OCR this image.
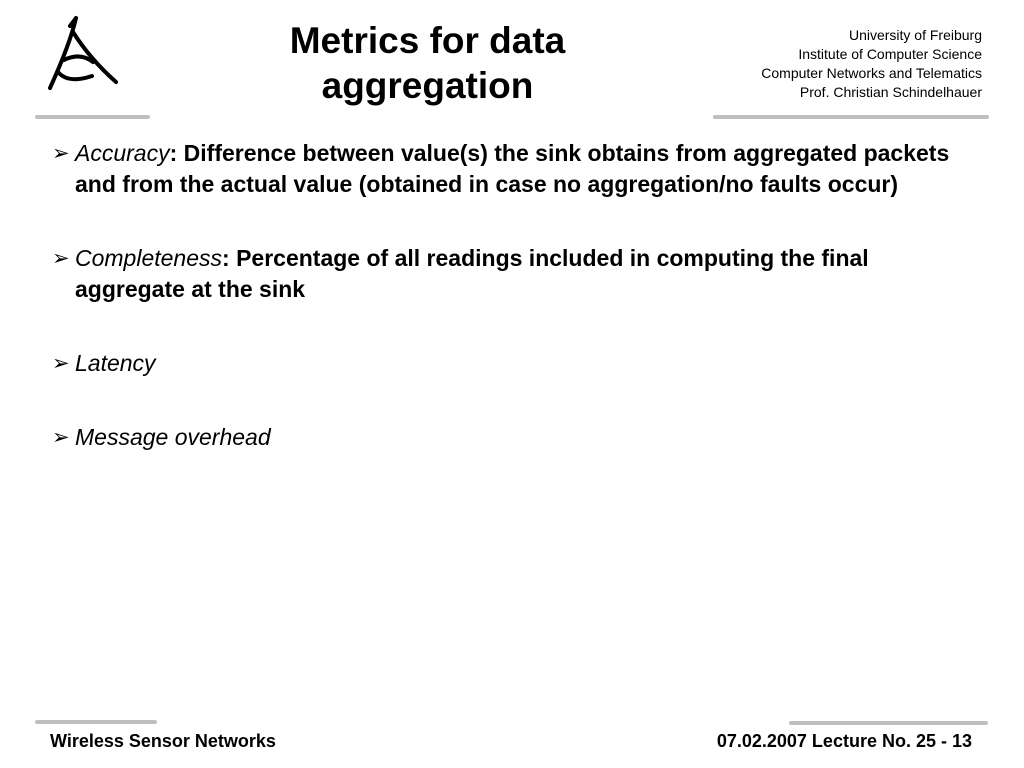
Metrics for data
aggregation
University of Freiburg
Institute of Computer Science
Computer Networks and Telematics
Prof. Christian Schindelhauer
➢ Accuracy: Difference between value(s) the sink obtains from aggregated packets and from the actual value (obtained in case no aggregation/no faults occur)
➢ Completeness: Percentage of all readings included in computing the final aggregate at the sink
➢ Latency
➢ Message overhead
Wireless Sensor Networks	07.02.2007 Lecture No. 25 - 13
